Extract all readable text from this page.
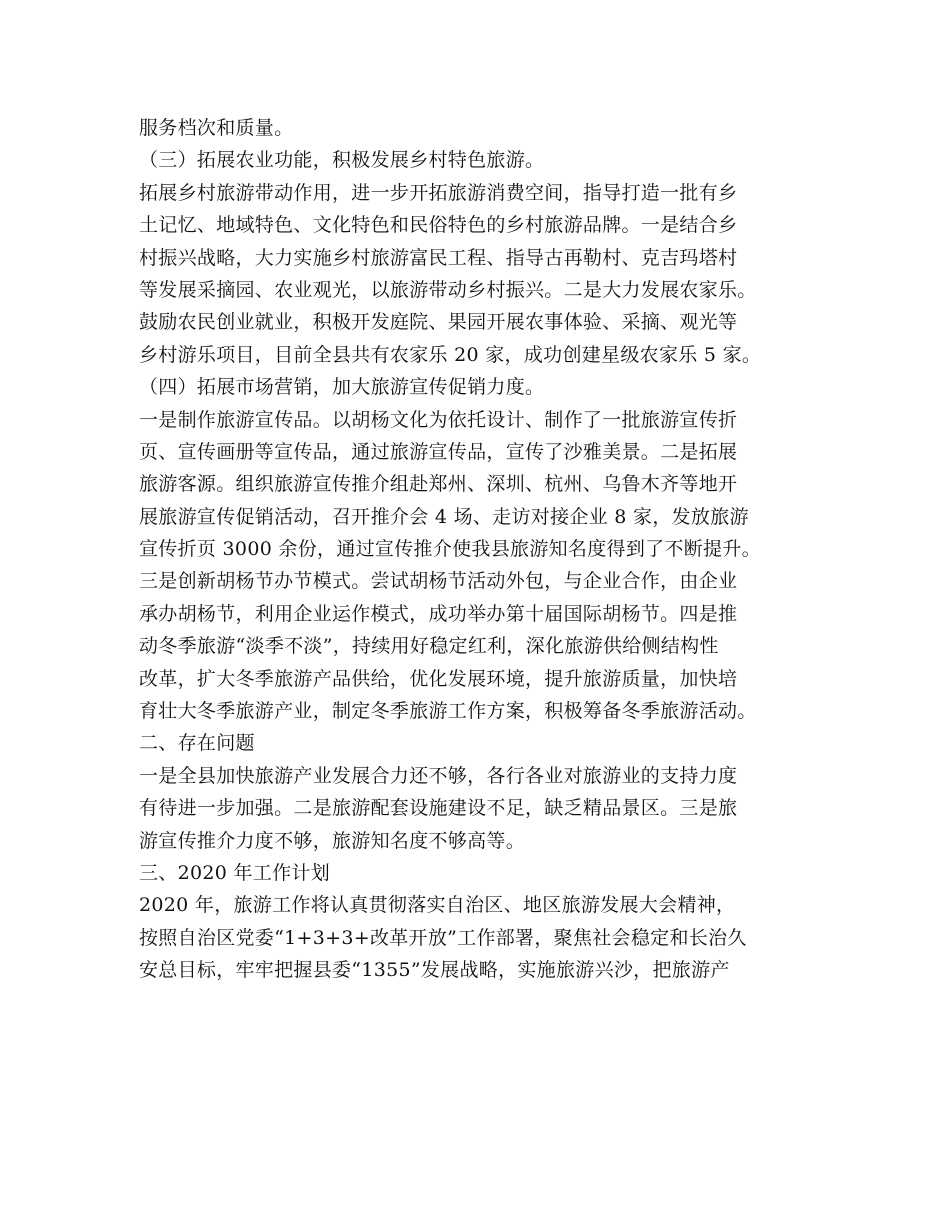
服务档次和质量。
（三）拓展农业功能，积极发展乡村特色旅游。
拓展乡村旅游带动作用，进一步开拓旅游消费空间，指导打造一批有乡
土记忆、地域特色、文化特色和民俗特色的乡村旅游品牌。一是结合乡
村振兴战略，大力实施乡村旅游富民工程、指导古再勒村、克吉玛塔村
等发展采摘园、农业观光，以旅游带动乡村振兴。二是大力发展农家乐。
鼓励农民创业就业，积极开发庭院、果园开展农事体验、采摘、观光等
乡村游乐项目，目前全县共有农家乐 20 家，成功创建星级农家乐 5 家。
（四）拓展市场营销，加大旅游宣传促销力度。
一是制作旅游宣传品。以胡杨文化为依托设计、制作了一批旅游宣传折
页、宣传画册等宣传品，通过旅游宣传品，宣传了沙雅美景。二是拓展
旅游客源。组织旅游宣传推介组赴郑州、深圳、杭州、乌鲁木齐等地开
展旅游宣传促销活动，召开推介会 4 场、走访对接企业 8 家，发放旅游
宣传折页 3000 余份，通过宣传推介使我县旅游知名度得到了不断提升。
三是创新胡杨节办节模式。尝试胡杨节活动外包，与企业合作，由企业
承办胡杨节，利用企业运作模式，成功举办第十届国际胡杨节。四是推
动冬季旅游“淡季不淡”，持续用好稳定红利，深化旅游供给侧结构性
改革，扩大冬季旅游产品供给，优化发展环境，提升旅游质量，加快培
育壮大冬季旅游产业，制定冬季旅游工作方案，积极筹备冬季旅游活动。
二、存在问题
一是全县加快旅游产业发展合力还不够，各行各业对旅游业的支持力度
有待进一步加强。二是旅游配套设施建设不足，缺乏精品景区。三是旅
游宣传推介力度不够，旅游知名度不够高等。
三、2020 年工作计划
2020 年，旅游工作将认真贯彻落实自治区、地区旅游发展大会精神，
按照自治区党委“1+3+3+改革开放”工作部署，聚焦社会稳定和长治久
安总目标，牢牢把握县委“1355”发展战略，实施旅游兴沙，把旅游产
